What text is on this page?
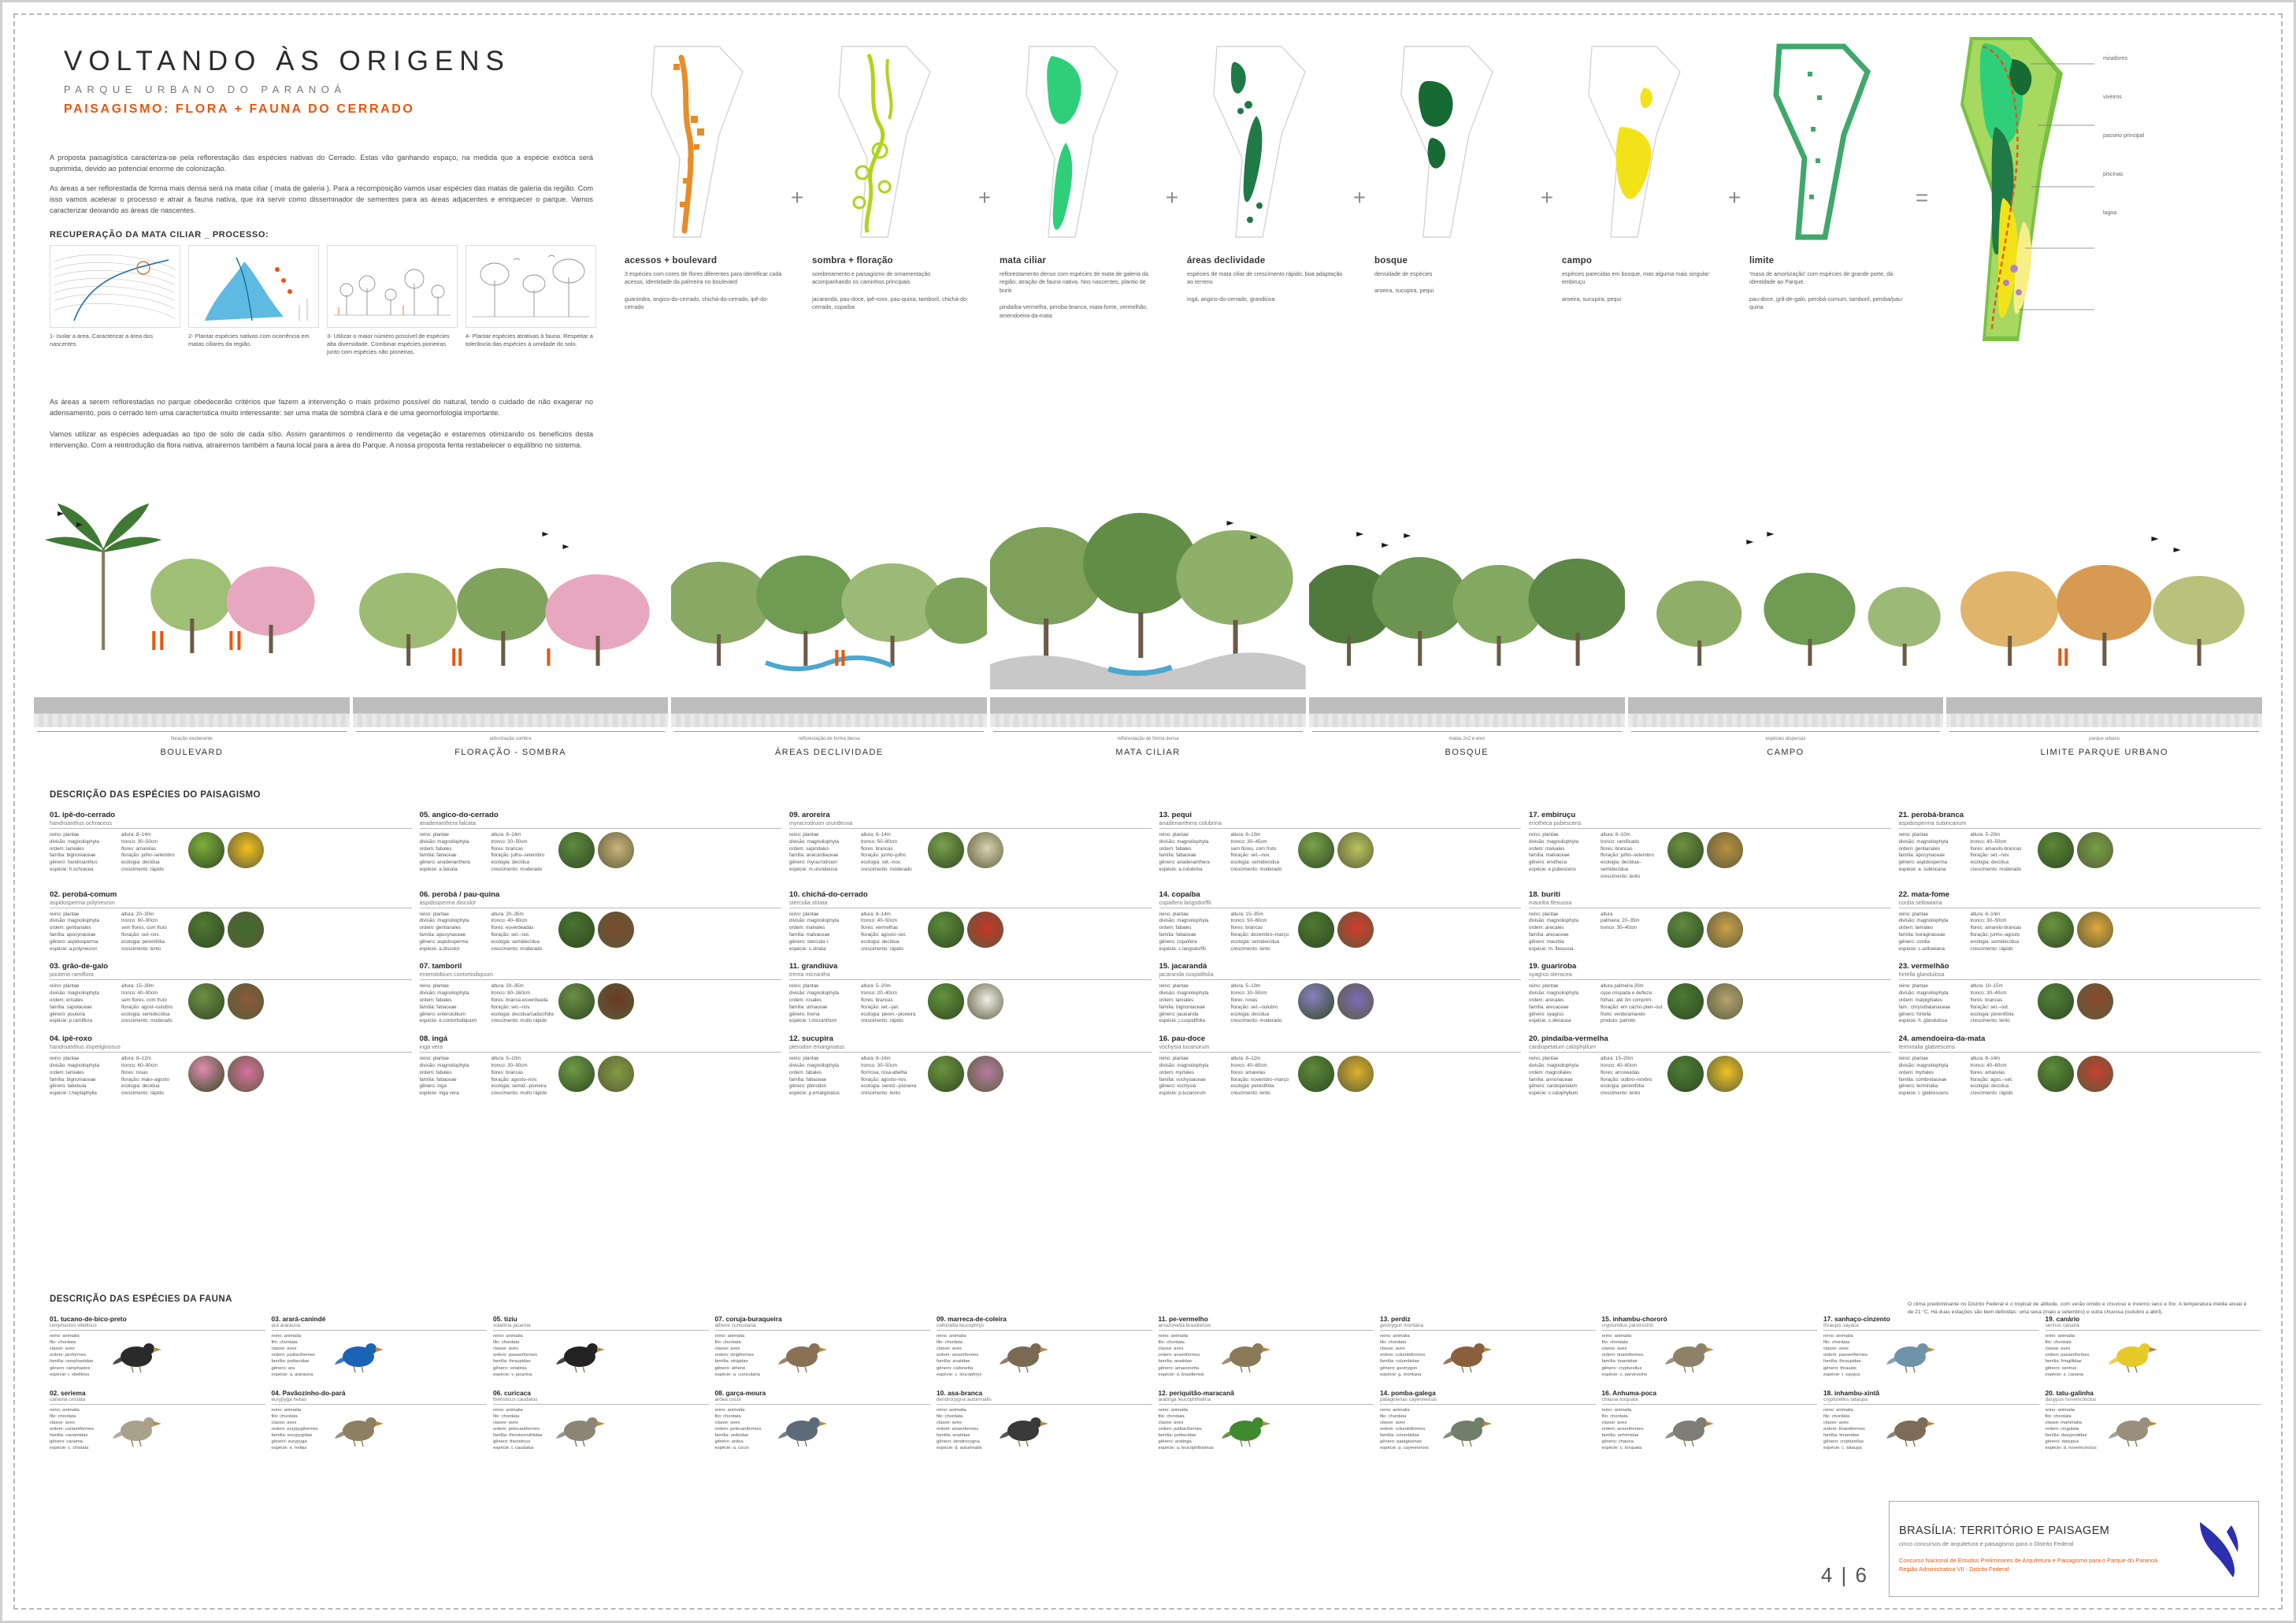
VOLTANDO ÀS ORIGENS
PARQUE URBANO DO PARANOÁ
PAISAGISMO: FLORA + FAUNA DO CERRADO

A proposta paisagística caracteriza-se pela reflorestação das espécies nativas do Cerrado. Estas vão ganhando espaço, na medida que a espécie exótica será suprimida, devido ao potencial enorme de colonização.

As áreas a ser reflorestada de forma mais densa será na mata ciliar ( mata de galeria ). Para a recomposição vamos usar espécies das matas de galeria da região. Com isso vamos acelerar o processo e atrair a fauna nativa, que irá servir como disseminador de sementes para as áreas adjacentes e enriquecer o parque. Vamos caracterizar deixando as áreas de nascentes.

RECUPERAÇÃO DA MATA CILIAR _ PROCESSO:
1- Isolar a área. Caracterizar a área dos nascentes
2- Plantar espécies nativas com ocorrência em matas ciliares da região.
3- Utilizar o maior número possível de espécies alta diversidade. Combinar espécies pioneiras junto com espécies não pioneiras.
4- Plantar espécies atrativas à fauna. Respeitar a tolerância das espécies à umidade do solo.

As áreas a serem reflorestadas no parque obedecerão critérios que fazem a intervenção o mais próximo possível do natural, tendo o cuidado de não exagerar no adensamento, pois o cerrado tem uma característica muito interessante: ser uma mata de sombra clara e de uma geomorfologia importante.

Vamos utilizar as espécies adequadas ao tipo de solo de cada sítio. Assim garantimos o rendimento da vegetação e estaremos otimizando os benefícios desta intervenção. Com a reintrodução da flora nativa, atrairemos também a fauna local para a área do Parque. A nossa proposta fenta restabelecer o equilíbrio no sistema.

acessos + boulevard
3 espécies com cores de flores diferentes para identificar cada acesso, identidade da palmeira no boulevard
guanindra, angico-do-cerrado, chichá-do-cerrado, ipê-do-cerrado
+
sombra + floração
sombreamento e paisagismo de ornamentação acompanhando os caminhos principais
jacarandá, pau-doce, ipê-roxo, pau-quina, tamboril, chichá-do-cerrado, copaíba
+
mata ciliar
reflorestamento denso com espécies de mata de galeria da região; atração de fauna nativa. Nos nascentes, plantio de buriti
pindaíba-vermelha, peroba-branca, mata-fome, vermelhão, amendoeira-da-mata
+
áreas declividade
espécies de mata ciliar de crescimento rápido, boa adaptação ao terreno
ingá, angico-do-cerrado, grandiúva
+
bosque
densidade de espécies
aroeira, sucupira, pequi
+
campo
espécies parecidas em bosque, mas alguma mais singular: embiruçu
aroeira, sucupira, pequi
+
limite
'masa de amortização' com espécies de grande porte, dá identidade ao Parque.
pau-doce, grã-de-galo, perobá-comum, tamboril, peroba/pau-quina
=
miradores
viveiros
passeio principal
piscinas
lagoa
floração exuberante
BOULEVARD
arborização sombra
FLORAÇÃO - SOMBRA
reflorestação de forma densa
ÁREAS DECLIVIDADE
reflorestação de forma densa
MATA CILIAR
matas 2x2 e eixo
BOSQUE
espécies dispersas
CAMPO
parque urbano
LIMITE PARQUE URBANO
DESCRIÇÃO DAS ESPÉCIES DO PAISAGISMO
01. ipê-do-cerrado
handroanthus ochraceus
reino: plantae
divisão: magnoliophyta
ordem: lamiales
família: bignoniaceae
gênero: handroanthus
espécie: h.ochracea
altura: 8–14m
tronco: 30–50cm
flores: amarelas
floração: julho–setembro
ecologia: decídua
crescimento: rápido
05. angico-do-cerrado
anadenanthera falcata
reino: plantae
divisão: magnoliophyta
ordem: fabales
família: fabaceae
gênero: anadenanthera
espécie: a.falcata
altura: 8–14m
tronco: 30–50cm
flores: brancas
floração: julho–setembro
ecologia: decídua
crescimento: moderado
09. aroreira
myracrodruon urundeuva
reino: plantae
divisão: magnoliophyta
ordem: sapindales
família: anacardiaceae
gênero: myracrodruon
espécie: m.urundeuva
altura: 6–14m
tronco: 50–80cm
flores: brancas
floração: junho–julho
ecologia: set.–nov.
crescimento: moderado
13. pequi
anadenanthera colubrina
reino: plantae
divisão: magnoliophyta
ordem: fabales
família: fabaceae
gênero: anadenanthera
espécie: a.colubrina
altura: 6–10m
tronco: 30–45cm
sem flores, com fruto
floração: set.–nov.
ecologia: semidecídua
crescimento: moderado
17. embiruçu
eriotheca pubescens
reino: plantae
divisão: magnoliophyta
ordem: malvales
família: malvaceae
gênero: eriotheca
espécie: e.pubescens
altura: 6–10m
tronco: ramificado
flores: brancas
floração: julho–setembro
ecologia: decídua–semidecídua
crescimento: lento
21. perobá-branca
aspidosperma subincanum
reino: plantae
divisão: magnoliophyta
ordem: gentianales
família: apocynaceae
gênero: aspidosperma
espécie: a. subincana
altura: 5–20m
tronco: 40–50cm
flores: amarelo-brancas
floração: set.–nov.
ecologia: decídua
crescimento: moderado
02. perobá-comum
aspidosperma polyneuron
reino: plantae
divisão: magnoliophyta
ordem: gentianales
família: apocynaceae
gênero: aspidosperma
espécie: a.polyneuron
altura: 20–30m
tronco: 60–90cm
sem flores, com fruto
floração: out–nov.
ecologia: perenifólia
crescimento: lento
06. perobá / pau-quina
aspidosperma discolor
reino: plantae
divisão: magnoliophyta
ordem: gentianales
família: apocynaceae
gênero: aspidosperma
espécie: a.discolor
altura: 20–35m
tronco: 40–60cm
flores: esverdeadas
floração: set.–out.
ecologia: semidecídua
crescimento: moderado
10. chichá-do-cerrado
sterculia striata
reino: plantae
divisão: magnoliophyta
ordem: malvales
família: malvaceae
gênero: sterculia l.
espécie: s.striata
altura: 8–14m
tronco: 40–50cm
flores: vermelhas
floração: agosto–out.
ecologia: decídua
crescimento: rápido
14. copaíba
copaifera langsdorffii
reino: plantae
divisão: magnoliophyta
ordem: fabales
família: fabaceae
gênero: copaifera
espécie: c.langsdorffii
altura: 15–35m
tronco: 50–80cm
flores: brancas
floração: dezembro–março
ecologia: semidecídua
crescimento: lento
18. buriti
mauritia flexuosa
reino: plantae
divisão: magnoliophyta
ordem: arecales
família: arecaceae
gênero: mauritia
espécie: m. flexuosa
altura
palmeira: 20–35m
tronco: 30–40cm

22. mata-fome
cordia sellowiana
reino: plantae
divisão: magnoliophyta
ordem: lamiales
família: boraginaceae
gênero: cordia
espécie: c.sellowiana
altura: 8–14m
tronco: 30–50cm
flores: amarelo-brancas
floração: junho–agosto
ecologia: semidecídua
crescimento: rápido
03. grão-de-galo
pouteria ramiflora
reino: plantae
divisão: magnoliophyta
ordem: ericales
família: sapotaceae
gênero: pouteria
espécie: p.ramiflora
altura: 15–30m
tronco: 40–90cm
sem flores, com fruto
floração: agost–outubro
ecologia: semidecídua
crescimento: moderado
07. tamboril
enterolobium contortisiliquum
reino: plantae
divisão: magnoliophyta
ordem: fabales
família: fabaceae
gênero: enterolobium
espécie: e.contortisiliquum
altura: 20–35m
tronco: 80–160cm
flores: branca-esverdeada
floração: set.–nov.
ecologia: decídua/caducifólia
crescimento: muito rápido
11. grandiúva
trema micrantha
reino: plantae
divisão: magnoliophyta
ordem: rosales
família: ulmaceae
gênero: trema
espécie: t.micranthum
altura: 5–20m
tronco: 20–40cm
flores: brancas
floração: set.–jan.
ecologia: peren.–pioneira
crescimento: rápido
15. jacarandá
jacaranda cuspidifolia
reino: plantae
divisão: magnoliophyta
ordem: lamiales
família: bignoniaceae
gênero: jacaranda
espécie: j.cuspidifolia
altura: 5–10m
tronco: 30–50cm
flores: roxas
floração: set.–outubro
ecologia: decídua
crescimento: moderado
19. guariroba
syagrus oleracea
reino: plantae
divisão: magnoliophyta
ordem: arecales
família: arecaceae
gênero: syagrus
espécie: s.oleracea
altura palmeira 20m
cqse crispada e defleza
folhas: até 3m comprim.
floração: em cacho-pten–out
fruito: verde/amarelo
produto: palmito
23. vermelhão
hirtella glandulosa
reino: plantae
divisão: magnoliophyta
ordem: malpighiales
fam.: chrysobalanaceae
gênero: hirtella
espécie: h. glandulosa
altura: 10–15m
tronco: 30–40cm
flores: brancas
floração: set.–out.
ecologia: perenifólia
crescimento: lento
04. ipê-roxo
handroanthus impetiginosus
reino: plantae
divisão: magnoliophyta
ordem: lamiales
família: bignoniaceae
gênero: tabebuia
espécie: t.heptaphylla
altura: 8–12m
tronco: 60–90cm
flores: rosas
floração: maio–agosto
ecologia: decídua
crescimento: rápido
08. ingá
inga vera
reino: plantae
divisão: magnoliophyta
ordem: fabales
família: fabaceae
gênero: inga
espécie: inga vera
altura: 5–10m
tronco: 30–50cm
flores: brancas
floração: agosto–nov.
ecologia: semid.–pioneira
crescimento: muito rápido
12. sucupira
pterodon emarginatus
reino: plantae
divisão: magnoliophyta
ordem: fabales
família: fabaceae
gênero: pterodon
espécie: p.emarginatus
altura: 8–16m
tronco: 30–50cm
flor/rosa, roxa-abelha
floração: agosto–nov.
ecologia: semid.–pioneira
crescimento: lento
16. pau-doce
vochysia tucanorum
reino: plantae
divisão: magnoliophyta
ordem: myrtales
família: vochysiaceae
gênero: vochysia
espécie: p.tucanorum
altura: 8–12m
tronco: 40–60cm
flores: amarelas
floração: novembro–março
ecologia: perenifólia
crescimento: lento
20. pindaíba-vermelha
cardiopetalum calophyllum
reino: plantae
divisão: magnoliophyta
ordem: magnoliales
família: annonaceae
gênero: cardiopetalum
espécie: c.calophyllum
altura: 15–20m
tronco: 40–60cm
flores: arroxeadas
floração: outbro–novbro
ecologia: perenifólia
crescimento: lento
24. amendoeira-da-mata
terminalia glabrescens
reino: plantae
divisão: magnoliophyta
ordem: myrtales
família: combretaceae
gênero: terminalia
espécie: t. glabrescens
altura: 8–14m
tronco: 40–60cm
flores: amarelas
floração: agos.–set.
ecologia: decídua
crescimento: rápido
DESCRIÇÃO DAS ESPÉCIES DA FAUNA
01. tucano-de-bico-preto
ramphastos vitellinus
reino: animalia
filo: chordata
classe: aves
ordem: piciformes
família: ramphastidae
gênero: ramphastos
espécie: r. vitellinus
03. arará-canindé
ara ararauna
reino: animalia
filo: chordata
classe: aves
ordem: psittaciformes
família: psittacidae
gênero: ara
espécie: a. ararauna
05. tiziu
volatinia jacarina
reino: animalia
filo: chordata
classe: aves
ordem: passeriformes
família: thraupidae
gênero: volatinia
espécie: v. jacarina
07. coruja-buraqueira
athene cunicularia
reino: animalia
filo: chordata
classe: aves
ordem: strigiformes
família: strigidae
gênero: athene
espécie: a. cunicularia
09. marreca-de-coleira
callonetta leucophrys
reino: animalia
filo: chordata
classe: aves
ordem: anseriformes
família: anatidae
gênero: callonetta
espécie: c. leucophrys
11. pe-vermelho
amazonetta brasiliensis
reino: animalia
filo: chordata
classe: aves
ordem: anseriformes
família: anatidae
gênero: amazonetta
espécie: a. brasiliensis
13. perdiz
geotrygon montana
reino: animalia
filo: chordata
classe: aves
ordem: columbiformes
família: columbidae
gênero: geotrygon
espécie: g. montana
15. inhambu-chororó
crypturellus parvirostris
reino: animalia
filo: chordata
classe: aves
ordem: tinamiformes
família: tinamidae
gênero: crypturellus
espécie: c. parvirostris
17. sanhaço-cinzento
thraupis sayaca
reino: animalia
filo: chordata
classe: aves
ordem: passeriformes
família: thraupidae
gênero: thraupis
espécie: t. sayaca
19. canário
serinus canaria
reino: animalia
filo: chordata
classe: aves
ordem: passeriformes
família: fringillidae
gênero: serinus
espécie: s. canaria
02. seriema
cariama cristata
reino: animalia
filo: chordata
classe: aves
ordem: cariamiformes
família: cariamidae
gênero: cariama
espécie: c. chistata
04. Pavãozinho-do-pará
eurypyga helias
reino: animalia
filo: chordata
classe: aves
ordem: eurypygiformes
família: eurypygidae
gênero: eurypyga
espécie: e. helias
06. curicaca
theristicus caudatus
reino: animalia
filo: chordata
classe: aves
ordem: pelecaniformes
família: threskiornithidae
gênero: theristicus
espécie: t. caudatus
08. garça-moura
ardea cocoi
reino: animalia
filo: chordata
classe: aves
ordem: pelecaniformes
família: ardeidae
gênero: ardea
espécie: a. cocoi
10. asa-branca
dendrocygna autumnalis
reino: animalia
filo: chordata
classe: aves
ordem: anseriformes
família: anatidae
gênero: dendrocygna
espécie: d. autumnalis
12. periquitão-maracanã
aratinga leucophthalma
reino: animalia
filo: chordata
classe: aves
ordem: psittaciformes
família: psittacidae
gênero: aratinga
espécie: a. leucophthalmus
14. pomba-galega
patagioenas cayennensis
reino: animalia
filo: chordata
classe: aves
ordem: columbiformes
família: columbidae
gênero: patagioenas
espécie: p. cayennensis
16. Anhuma-poca
chauna torquata
reino: animalia
filo: chordata
classe: aves
ordem: anseriformes
família: anhimidae
gênero: chauna
espécie: c. torquata
18. inhambu-xintã
crypturellus tataupa
reino: animalia
filo: chordata
classe: aves
ordem: tinamiformes
família: tinamidae
gênero: crypturellus
espécie: c. tataupa
20. tatu-galinha
dasypus novemcinctus
reino: animalia
filo: chordata
classe: mammalia
ordem: cingulata
família: dasypodidae
gênero: dasypus
espécie: d. novemcinctus
O clima predominante no Distrito Federal é o tropical de altitude, com verão úmido e chuvoso e inverno seco e frio. A temperatura média anual é de 21 °C. Há duas estações são bem definidas: uma seca (maio a setembro) e outra chuvosa (outubro a abril).
4 | 6
BRASÍLIA: TERRITÓRIO E PAISAGEM
cinco concursos de arquitetura e paisagismo para o Distrito Federal
Concurso Nacional de Estudos Preliminares de Arquitetura e Paisagismo para o Parque do Paranoá Região Administrativa VII - Distrito Federal
